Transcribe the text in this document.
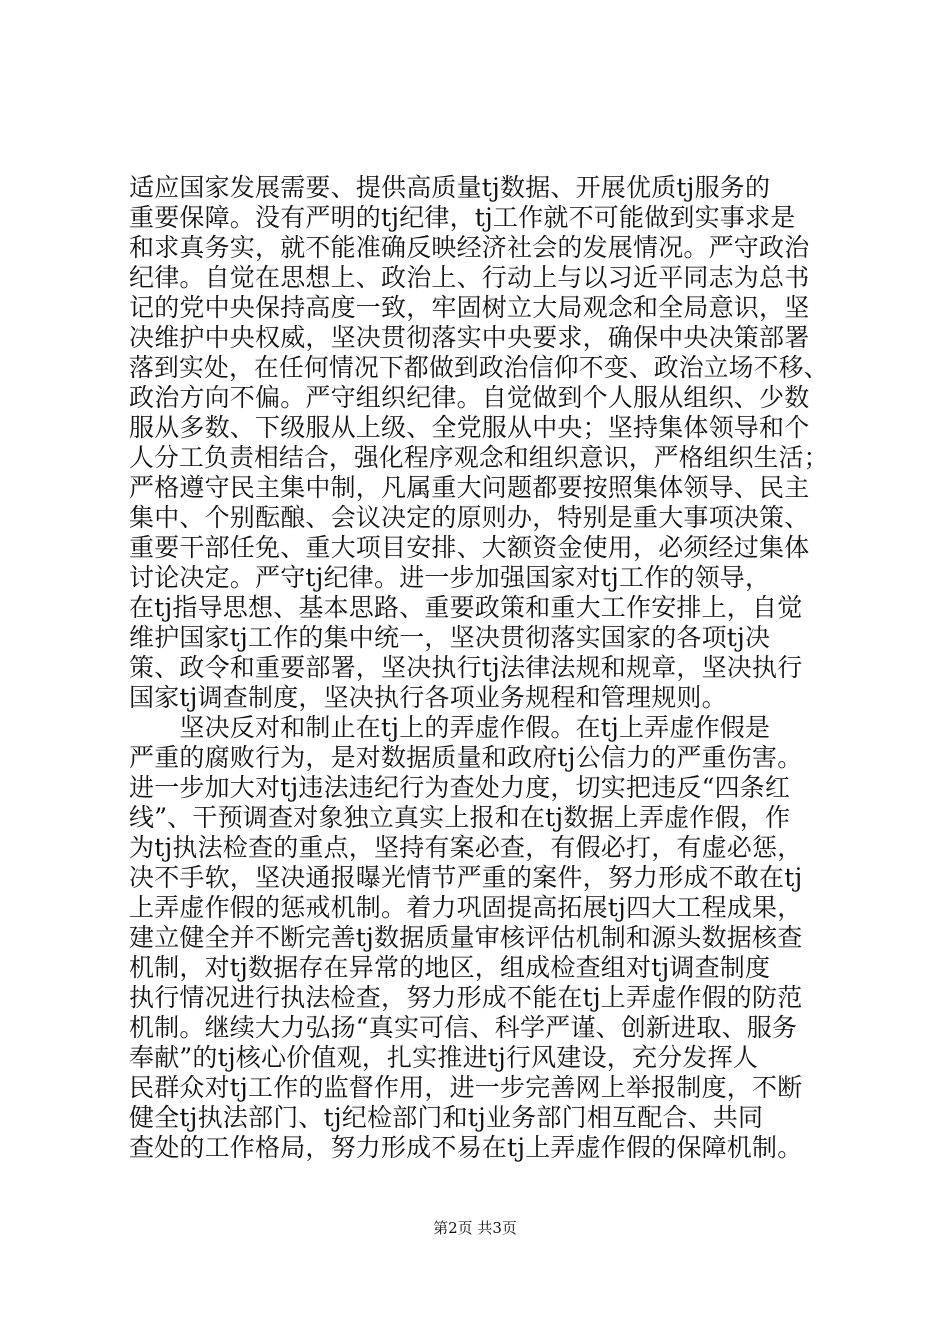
适应国家发展需要、提供高质量tj数据、开展优质tj服务的
重要保障。没有严明的tj纪律，tj工作就不可能做到实事求是
和求真务实，就不能准确反映经济社会的发展情况。严守政治
纪律。自觉在思想上、政治上、行动上与以习近平同志为总书
记的党中央保持高度一致，牢固树立大局观念和全局意识，坚
决维护中央权威，坚决贯彻落实中央要求，确保中央决策部署
落到实处，在任何情况下都做到政治信仰不变、政治立场不移、
政治方向不偏。严守组织纪律。自觉做到个人服从组织、少数
服从多数、下级服从上级、全党服从中央；坚持集体领导和个
人分工负责相结合，强化程序观念和组织意识，严格组织生活；
严格遵守民主集中制，凡属重大问题都要按照集体领导、民主
集中、个别酝酿、会议决定的原则办，特别是重大事项决策、
重要干部任免、重大项目安排、大额资金使用，必须经过集体
讨论决定。严守tj纪律。进一步加强国家对tj工作的领导，
在tj指导思想、基本思路、重要政策和重大工作安排上，自觉
维护国家tj工作的集中统一，坚决贯彻落实国家的各项tj决
策、政令和重要部署，坚决执行tj法律法规和规章，坚决执行
国家tj调查制度，坚决执行各项业务规程和管理规则。
　　坚决反对和制止在tj上的弄虚作假。在tj上弄虚作假是
严重的腐败行为，是对数据质量和政府tj公信力的严重伤害。
进一步加大对tj违法违纪行为查处力度，切实把违反“四条红
线”、干预调查对象独立真实上报和在tj数据上弄虚作假，作
为tj执法检查的重点，坚持有案必查，有假必打，有虚必惩，
决不手软，坚决通报曝光情节严重的案件，努力形成不敢在tj
上弄虚作假的惩戒机制。着力巩固提高拓展tj四大工程成果，
建立健全并不断完善tj数据质量审核评估机制和源头数据核查
机制，对tj数据存在异常的地区，组成检查组对tj调查制度
执行情况进行执法检查，努力形成不能在tj上弄虚作假的防范
机制。继续大力弘扬“真实可信、科学严谨、创新进取、服务
奉献”的tj核心价值观，扎实推进tj行风建设，充分发挥人
民群众对tj工作的监督作用，进一步完善网上举报制度，不断
健全tj执法部门、tj纪检部门和tj业务部门相互配合、共同
查处的工作格局，努力形成不易在tj上弄虚作假的保障机制。
第2页 共3页
